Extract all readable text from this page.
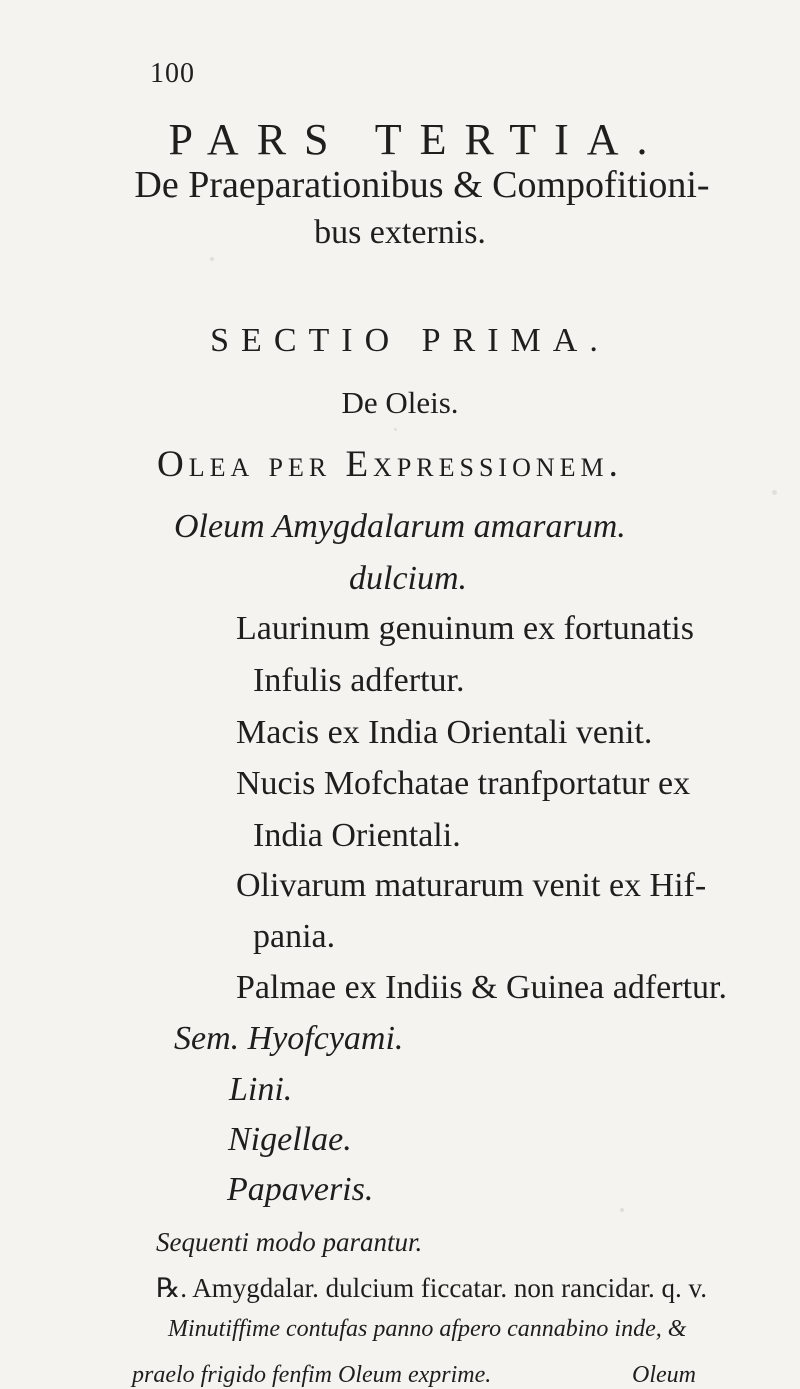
100
PARS TERTIA.
De Praeparationibus & Compofitioni-
bus externis.
SECTIO PRIMA.
De Oleis.
Olea per Expressionem.
Oleum Amygdalarum amararum.
dulcium.
Laurinum genuinum ex fortunatis
Infulis adfertur.
Macis ex India Orientali venit.
Nucis Mofchatae tranfportatur ex
India Orientali.
Olivarum maturarum venit ex Hif-
pania.
Palmae ex Indiis & Guinea adfertur.
Sem. Hyofcyami.
Lini.
Nigellae.
Papaveris.
Sequenti modo parantur.
℞. Amygdalar. dulcium ficcatar. non rancidar. q. v.
Minutiffime contufas panno afpero cannabino inde, &
praelo frigido fenfim Oleum exprime.	Oleum
